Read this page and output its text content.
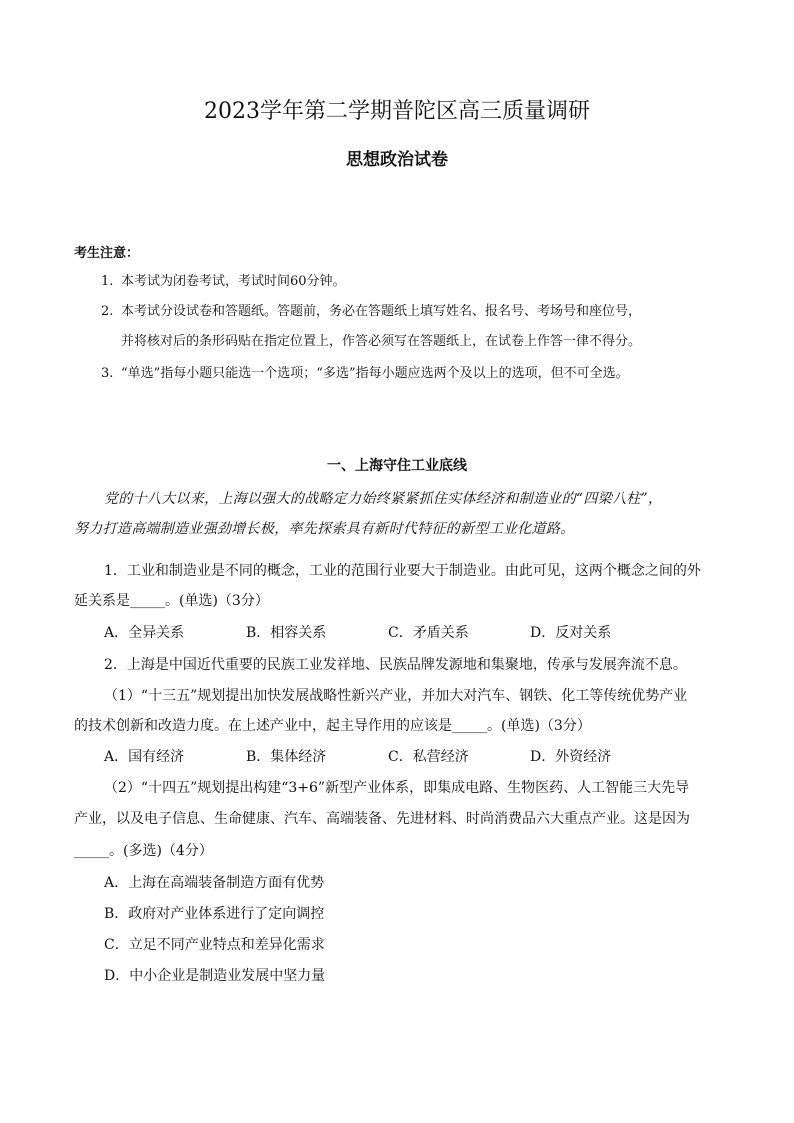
2023学年第二学期普陀区高三质量调研
思想政治试卷
考生注意：
1. 本考试为闭卷考试，考试时间60分钟。
2. 本考试分设试卷和答题纸。答题前，务必在答题纸上填写姓名、报名号、考场号和座位号，
并将核对后的条形码贴在指定位置上，作答必须写在答题纸上，在试卷上作答一律不得分。
3. “单选”指每小题只能选一个选项；“多选”指每小题应选两个及以上的选项，但不可全选。
一、上海守住工业底线
党的十八大以来，上海以强大的战略定力始终紧紧抓住实体经济和制造业的“四梁八柱”，
努力打造高端制造业强劲增长极，率先探索具有新时代特征的新型工业化道路。
1．工业和制造业是不同的概念，工业的范围行业要大于制造业。由此可见，这两个概念之间的外
延关系是_____。(单选)（3分）
A．全异关系	B．相容关系	C．矛盾关系	D．反对关系
2．上海是中国近代重要的民族工业发祥地、民族品牌发源地和集聚地，传承与发展奔流不息。
（1）“十三五”规划提出加快发展战略性新兴产业，并加大对汽车、钢铁、化工等传统优势产业
的技术创新和改造力度。在上述产业中，起主导作用的应该是_____。(单选)（3分）
A．国有经济	B．集体经济	C．私营经济	D．外资经济
（2）“十四五”规划提出构建“3+6”新型产业体系，即集成电路、生物医药、人工智能三大先导
产业，以及电子信息、生命健康、汽车、高端装备、先进材料、时尚消费品六大重点产业。这是因为
_____。(多选)（4分）
A．上海在高端装备制造方面有优势
B．政府对产业体系进行了定向调控
C．立足不同产业特点和差异化需求
D．中小企业是制造业发展中坚力量
